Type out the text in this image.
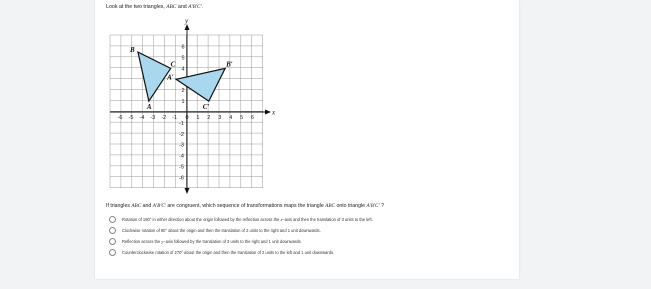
Look at the two triangles, ABC and A′B′C′.
x
y
-6 -5 -4 -3 -2 -1 0 1 2 3 4 5 6
6
5
4
2
1
-1
-2
-3
-4
-5
-6
A
B
C
A′
B′
C′
If triangles ABC and A′B′C′ are congruent, which sequence of transformations maps the triangle ABC onto triangle A′B′C′ ?
Rotation of 180° in either direction about the origin followed by the reflection across the x−axis and then the translation of 3 units to the left.
Clockwise rotation of 90° about the origin and then the translation of 2 units to the right and 1 unit downwards.
Reflection across the y−axis followed by the translation of 3 units to the right and 1 unit downwards.
Counterclockwise rotation of 270° about the origin and then the translation of 2 units to the left and 1 unit downwards.
